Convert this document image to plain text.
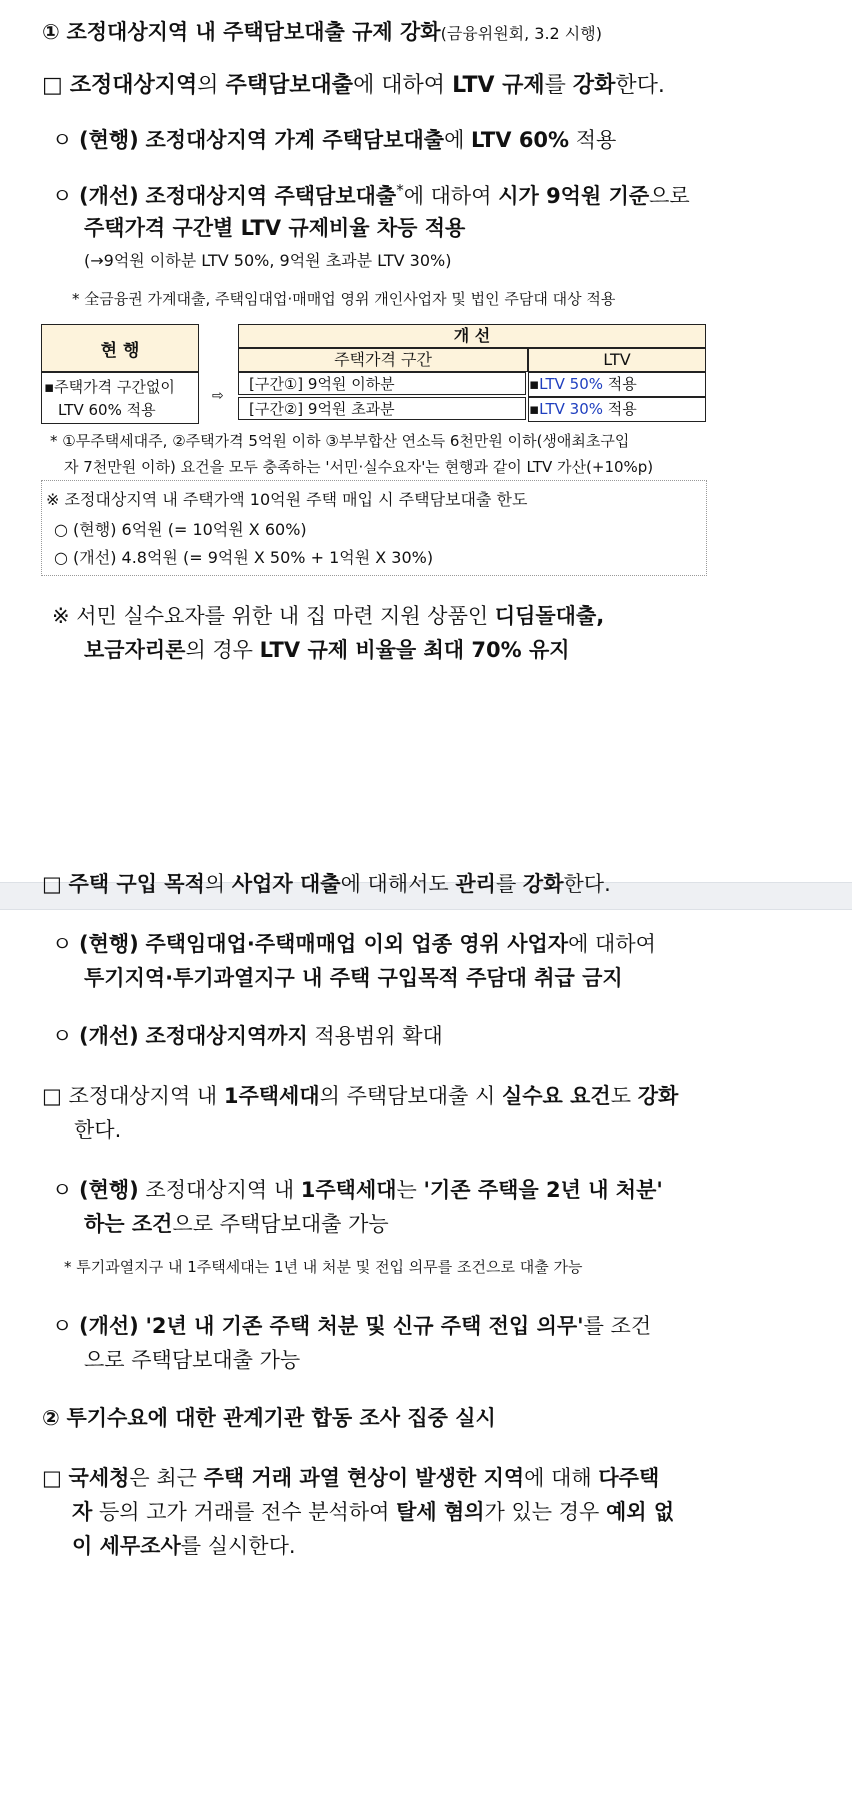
① 조정대상지역 내 주택담보대출 규제 강화(금융위원회, 3.2 시행)
□ 조정대상지역의 주택담보대출에 대하여 LTV 규제를 강화한다.
ㅇ (현행) 조정대상지역 가계 주택담보대출에 LTV 60% 적용
ㅇ (개선) 조정대상지역 주택담보대출*에 대하여 시가 9억원 기준으로
주택가격 구간별 LTV 규제비율 차등 적용
(→9억원 이하분 LTV 50%, 9억원 초과분 LTV 30%)
* 全금융권 가계대출, 주택임대업·매매업 영위 개인사업자 및 법인 주담대 대상 적용
현 행
▪주택가격 구간없이
LTV 60% 적용
⇨
개 선
주택가격 구간	LTV
[구간①] 9억원 이하분	▪LTV 50% 적용
[구간②] 9억원 초과분	▪LTV 30% 적용
* ①무주택세대주, ②주택가격 5억원 이하 ③부부합산 연소득 6천만원 이하(생애최초구입
자 7천만원 이하) 요건을 모두 충족하는 '서민·실수요자'는 현행과 같이 LTV 가산(+10%p)
※ 조정대상지역 내 주택가액 10억원 주택 매입 시 주택담보대출 한도
○ (현행) 6억원 (= 10억원 X 60%)
○ (개선) 4.8억원 (= 9억원 X 50% + 1억원 X 30%)
※ 서민 실수요자를 위한 내 집 마련 지원 상품인 디딤돌대출,
보금자리론의 경우 LTV 규제 비율을 최대 70% 유지
□ 주택 구입 목적의 사업자 대출에 대해서도 관리를 강화한다.
ㅇ (현행) 주택임대업·주택매매업 이외 업종 영위 사업자에 대하여
투기지역·투기과열지구 내 주택 구입목적 주담대 취급 금지
ㅇ (개선) 조정대상지역까지 적용범위 확대
□ 조정대상지역 내 1주택세대의 주택담보대출 시 실수요 요건도 강화
한다.
ㅇ (현행) 조정대상지역 내 1주택세대는 '기존 주택을 2년 내 처분'
하는 조건으로 주택담보대출 가능
* 투기과열지구 내 1주택세대는 1년 내 처분 및 전입 의무를 조건으로 대출 가능
ㅇ (개선) '2년 내 기존 주택 처분 및 신규 주택 전입 의무'를 조건
으로 주택담보대출 가능
② 투기수요에 대한 관계기관 합동 조사 집중 실시
□ 국세청은 최근 주택 거래 과열 현상이 발생한 지역에 대해 다주택
자 등의 고가 거래를 전수 분석하여 탈세 혐의가 있는 경우 예외 없
이 세무조사를 실시한다.
